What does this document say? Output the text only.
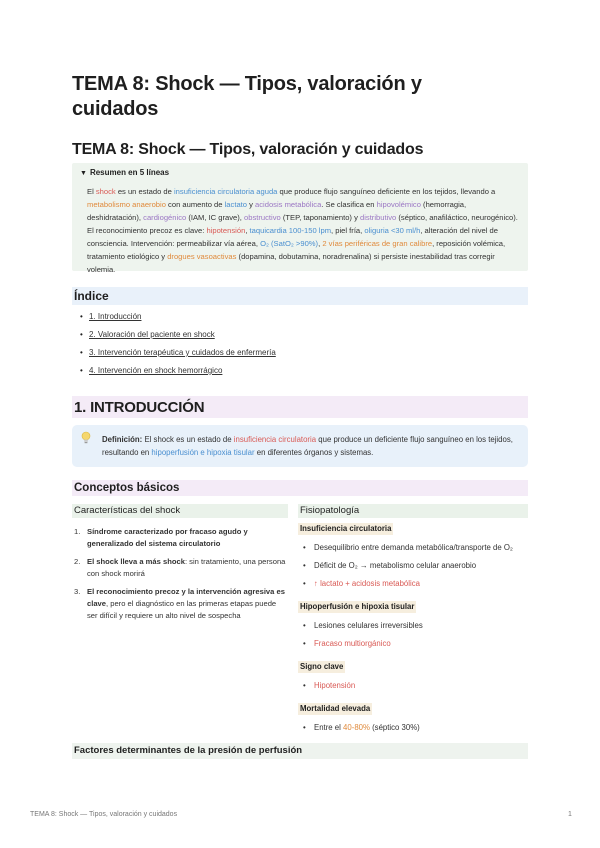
TEMA 8: Shock — Tipos, valoración y cuidados
TEMA 8: Shock — Tipos, valoración y cuidados
▼ Resumen en 5 líneas
El shock es un estado de insuficiencia circulatoria aguda que produce flujo sanguíneo deficiente en los tejidos, llevando a metabolismo anaerobio con aumento de lactato y acidosis metabólica. Se clasifica en hipovolémico (hemorragia, deshidratación), cardiogénico (IAM, IC grave), obstructivo (TEP, taponamiento) y distributivo (séptico, anafiláctico, neurogénico). El reconocimiento precoz es clave: hipotensión, taquicardia 100-150 lpm, piel fría, oliguria <30 ml/h, alteración del nivel de consciencia. Intervención: permeabilizar vía aérea, O₂ (SatO₂ >90%), 2 vías periféricas de gran calibre, reposición volémica, tratamiento etiológico y drogues vasoactivas (dopamina, dobutamina, noradrenalina) si persiste inestabilidad tras corregir volemia.
Índice
• 1. Introducción
• 2. Valoración del paciente en shock
• 3. Intervención terapéutica y cuidados de enfermería
• 4. Intervención en shock hemorrágico
1. INTRODUCCIÓN
Definición: El shock es un estado de insuficiencia circulatoria que produce un deficiente flujo sanguíneo en los tejidos, resultando en hipoperfusión e hipoxia tisular en diferentes órganos y sistemas.
Conceptos básicos
Características del shock
1. Síndrome caracterizado por fracaso agudo y generalizado del sistema circulatorio
2. El shock lleva a más shock: sin tratamiento, una persona con shock morirá
3. El reconocimiento precoz y la intervención agresiva es clave, pero el diagnóstico en las primeras etapas puede ser difícil y requiere un alto nivel de sospecha
Fisiopatología
Insuficiencia circulatoria
• Desequilibrio entre demanda metabólica/transporte de O₂
• Déficit de O₂ → metabolismo celular anaerobio
• ↑ lactato + acidosis metabólica
Hipoperfusión e hipoxia tisular
• Lesiones celulares irreversibles
• Fracaso multiorgánico
Signo clave
• Hipotensión
Mortalidad elevada
• Entre el 40-80% (séptico 30%)
Factores determinantes de la presión de perfusión
TEMA 8: Shock — Tipos, valoración y cuidados	1
